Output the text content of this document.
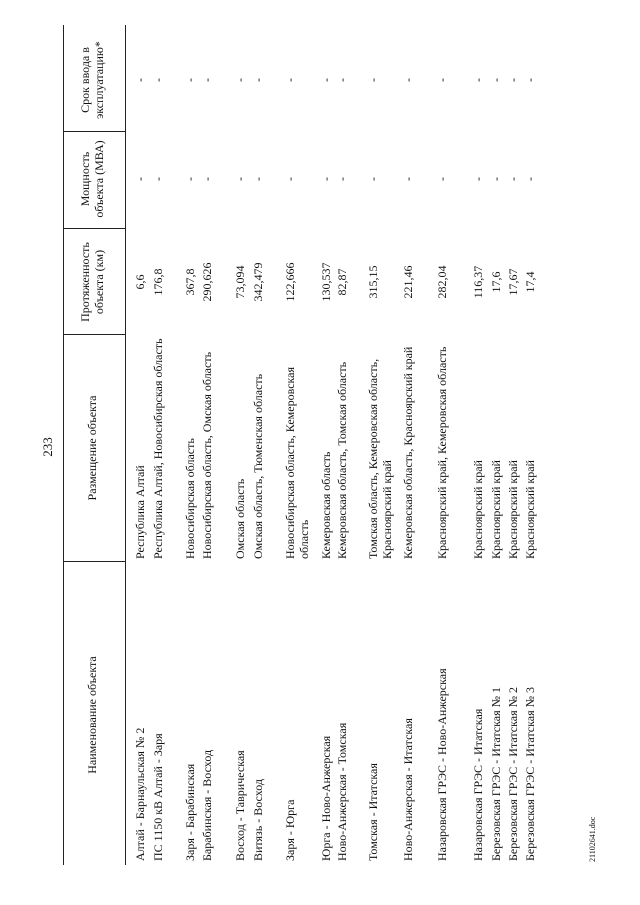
233
Наименование объекта
Размещение объекта
Протяженность объекта (км)
Мощность объекта (МВА)
Срок ввода в эксплуатацию*
Алтай - Барнаульская № 2
Республика Алтай
6,6
-
-
ПС 1150 кВ Алтай - Заря
Республика Алтай, Новосибирская область
176,8
-
-
Заря - Барабинская
Новосибирская область
367,8
-
-
Барабинская - Восход
Новосибирская область, Омская область
290,626
-
-
Восход - Таврическая
Омская область
73,094
-
-
Витязь - Восход
Омская область, Тюменская область
342,479
-
-
Заря - Юрга
Новосибирская область, Кемеровская область
122,666
-
-
Юрга - Ново-Анжерская
Кемеровская область
130,537
-
-
Ново-Анжерская - Томская
Кемеровская область, Томская область
82,87
-
-
Томская - Итатская
Томская область, Кемеровская область, Красноярский край
315,15
-
-
Ново-Анжерская - Итатская
Кемеровская область, Красноярский край
221,46
-
-
Назаровская ГРЭС - Ново-Анжерская
Красноярский край, Кемеровская область
282,04
-
-
Назаровская ГРЭС - Итатская
Красноярский край
116,37
-
-
Березовская ГРЭС - Итатская № 1
Красноярский край
17,6
-
-
Березовская ГРЭС - Итатская № 2
Красноярский край
17,67
-
-
Березовская ГРЭС - Итатская № 3
Красноярский край
17,4
-
-
21102641.doc
